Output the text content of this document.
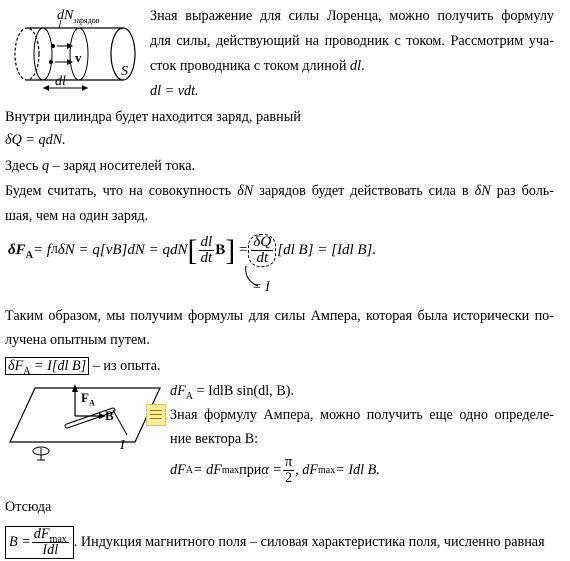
$dN_{зарядов}$
v
dl
S
Зная выражение для силы Лоренца, можно получить формулу
для силы, действующий на проводник с током. Рассмотрим уча-
сток проводника с током длиной dl.
dl = vdt.
Внутри цилиндра будет находится заряд, равный
δQ = qdN.
Здесь q – заряд носителей тока.
Будем считать, что на совокупность δN зарядов будет действовать сила в δN раз боль-
шая, чем на один заряд.
$\delta F_A = f$ Л δN = q[vB]dN = qdN [ $\frac{dl}{dt}$ B ] = $\frac{\delta Q}{dt} [dl$ B] = [Idl B].
= I
Таким образом, мы получим формулы для силы Ампера, которая была исторически по-
лучена опытным путем.
$\delta F_A = I[dl$ B] – из опыта.
$F_A$
B
I
$dF_A$ = IdlB sin(dl, B).
Зная формулу Ампера, можно получить еще одно определе-
ние вектора B:
dF A = dF max при $\alpha = \frac{\pi}{2}$ , dF max = Idl B.
Отсюда
$B = \frac{dF_{max}}{\text{Idl}}$ . Индукция магнитного поля – силовая характеристика поля, численно равная
